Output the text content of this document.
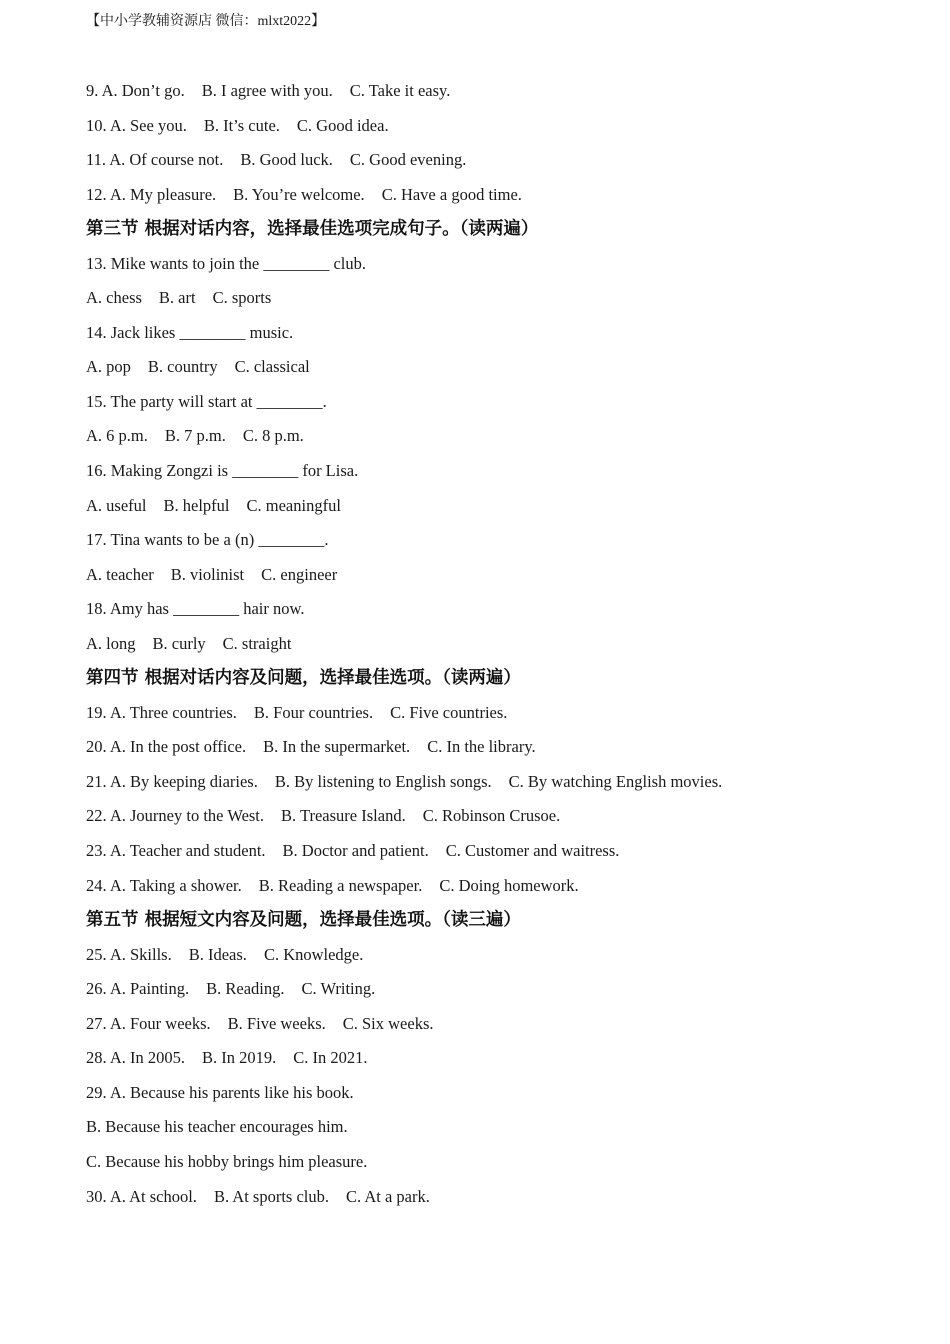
【中小学教辅资源店 微信：mlxt2022】
9. A. Don’t go. B. I agree with you. C. Take it easy.
10. A. See you. B. It’s cute. C. Good idea.
11. A. Of course not. B. Good luck. C. Good evening.
12. A. My pleasure. B. You’re welcome. C. Have a good time.
第三节 根据对话内容，选择最佳选项完成句子。（读两遍）
13. Mike wants to join the ________ club.
A. chess B. art C. sports
14. Jack likes ________ music.
A. pop B. country C. classical
15. The party will start at ________.
A. 6 p.m. B. 7 p.m. C. 8 p.m.
16. Making Zongzi is ________ for Lisa.
A. useful B. helpful C. meaningful
17. Tina wants to be a (n) ________.
A. teacher B. violinist C. engineer
18. Amy has ________ hair now.
A. long B. curly C. straight
第四节 根据对话内容及问题，选择最佳选项。（读两遍）
19. A. Three countries. B. Four countries. C. Five countries.
20. A. In the post office. B. In the supermarket. C. In the library.
21. A. By keeping diaries. B. By listening to English songs. C. By watching English movies.
22. A. Journey to the West. B. Treasure Island. C. Robinson Crusoe.
23. A. Teacher and student. B. Doctor and patient. C. Customer and waitress.
24. A. Taking a shower. B. Reading a newspaper. C. Doing homework.
第五节 根据短文内容及问题，选择最佳选项。（读三遍）
25. A. Skills. B. Ideas. C. Knowledge.
26. A. Painting. B. Reading. C. Writing.
27. A. Four weeks. B. Five weeks. C. Six weeks.
28. A. In 2005. B. In 2019. C. In 2021.
29. A. Because his parents like his book.
B. Because his teacher encourages him.
C. Because his hobby brings him pleasure.
30. A. At school. B. At sports club. C. At a park.
